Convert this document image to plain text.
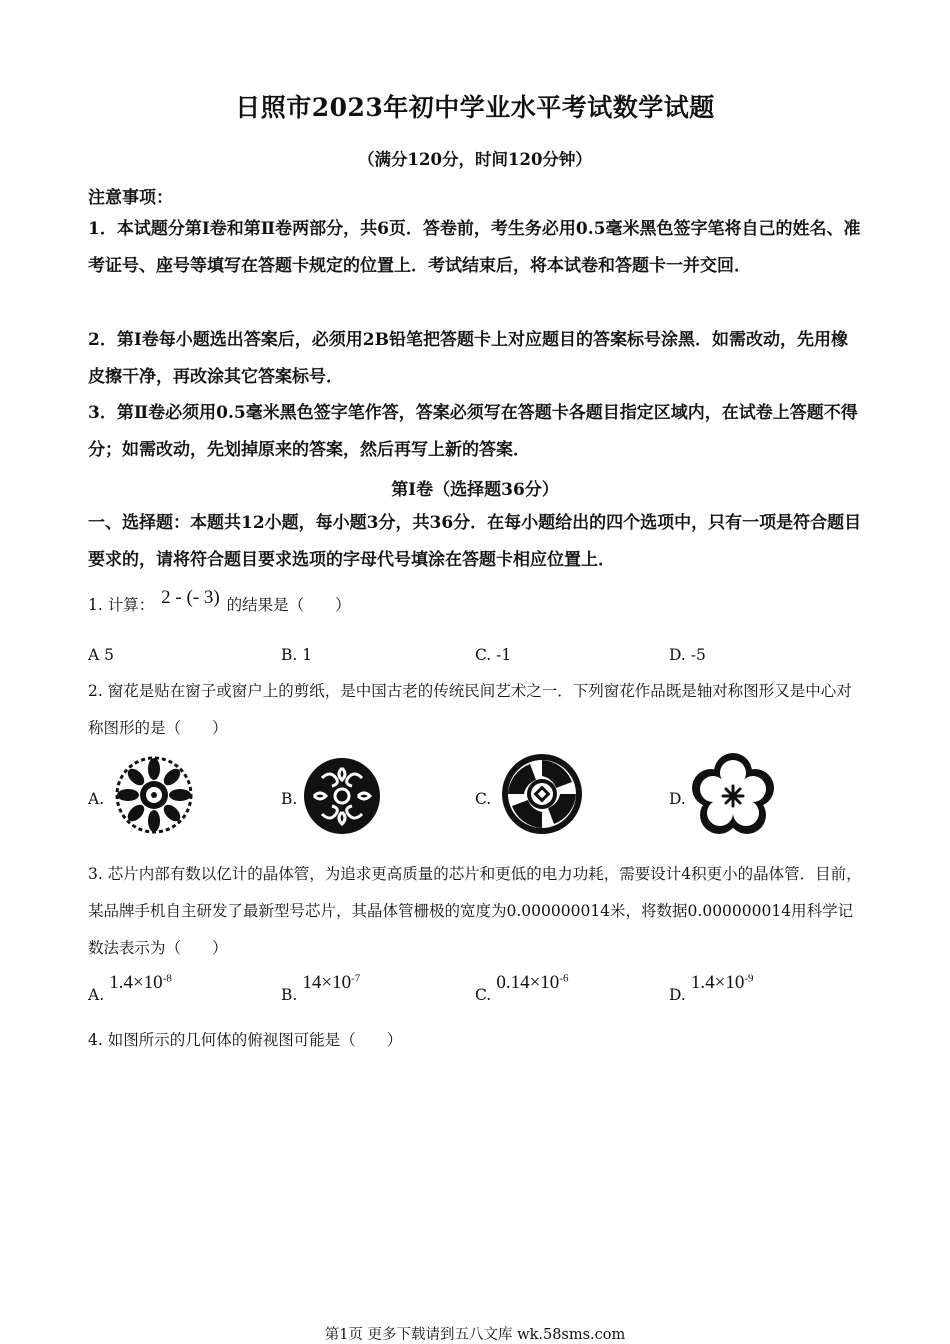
日照市2023年初中学业水平考试数学试题
（满分120分，时间120分钟）
注意事项：
1．本试题分第Ⅰ卷和第Ⅱ卷两部分，共6页．答卷前，考生务必用0.5毫米黑色签字笔将自己的姓名、准考证号、座号等填写在答题卡规定的位置上．考试结束后，将本试卷和答题卡一并交回．
2．第Ⅰ卷每小题选出答案后，必须用2B铅笔把答题卡上对应题目的答案标号涂黑．如需改动，先用橡皮擦干净，再改涂其它答案标号．
3．第Ⅱ卷必须用0.5毫米黑色签字笔作答，答案必须写在答题卡各题目指定区域内，在试卷上答题不得分；如需改动，先划掉原来的答案，然后再写上新的答案．
第Ⅰ卷（选择题36分）
一、选择题：本题共12小题，每小题3分，共36分．在每小题给出的四个选项中，只有一项是符合题目要求的，请将符合题目要求选项的字母代号填涂在答题卡相应位置上．
1. 计算： 2 - (- 3) 的结果是（　　）
A 5	B. 1	C. -1	D. -5
2. 窗花是贴在窗子或窗户上的剪纸，是中国古老的传统民间艺术之一．下列窗花作品既是轴对称图形又是中心对称图形的是（　　）
A.	B.	C.	D.
3. 芯片内部有数以亿计的晶体管，为追求更高质量的芯片和更低的电力功耗，需要设计4积更小的晶体管．目前，某品牌手机自主研发了最新型号芯片，其晶体管栅极的宽度为0.000000014米，将数据0.000000014用科学记数法表示为（　　）
A. $1.4\times 10^{-8}$
B. $14\times 10^{-7}$
C. $0.14\times 10^{-6}$
D. $1.4\times 10^{-9}$
4. 如图所示的几何体的俯视图可能是（　　）
第1页 更多下载请到五八文库 wk.58sms.com
